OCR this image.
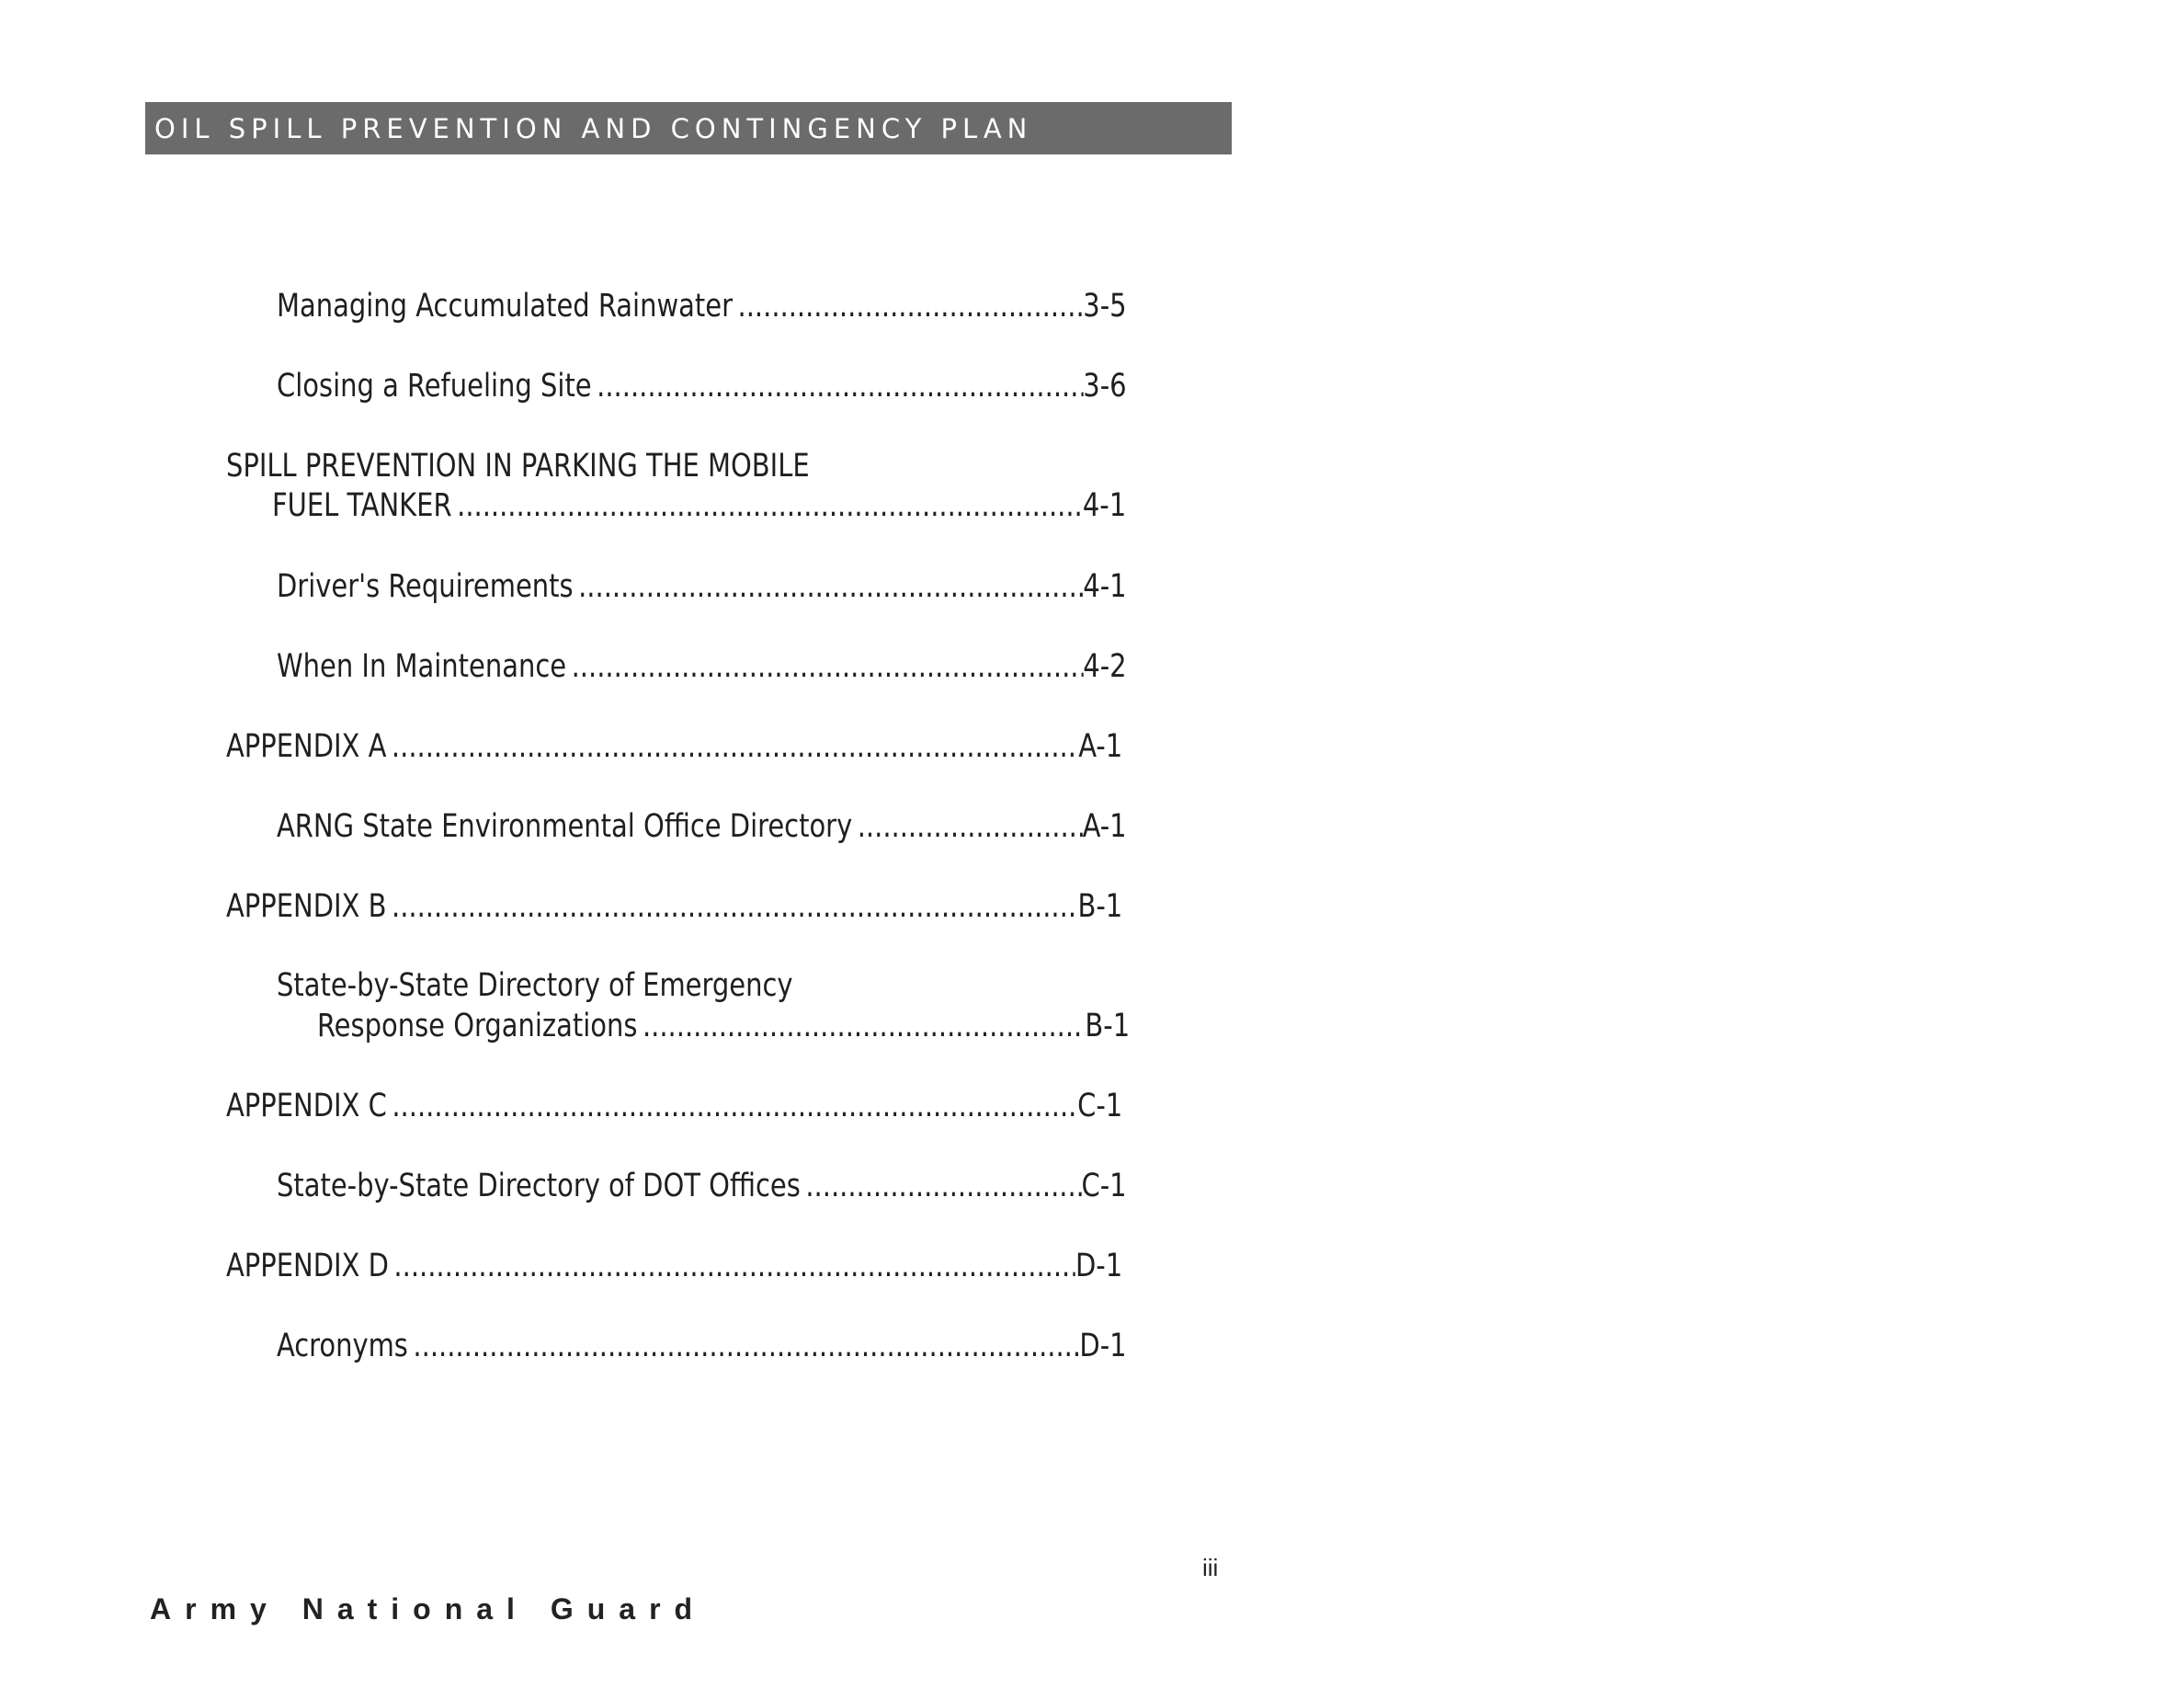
OIL SPILL PREVENTION AND CONTINGENCY PLAN
Managing Accumulated Rainwater .....	3-5
Closing a Refueling Site .....	3-6
SPILL PREVENTION IN PARKING THE MOBILE
FUEL TANKER .....	4-1
Driver's Requirements .....	4-1
When In Maintenance .....	4-2
APPENDIX A .....	A-1
ARNG State Environmental Office Directory .....	A-1
APPENDIX B .....	B-1
State-by-State Directory of Emergency
Response Organizations .....	B-1
APPENDIX C .....	C-1
State-by-State Directory of DOT Offices .....	C-1
APPENDIX D .....	D-1
Acronyms .....	D-1
iii
Army National Guard
